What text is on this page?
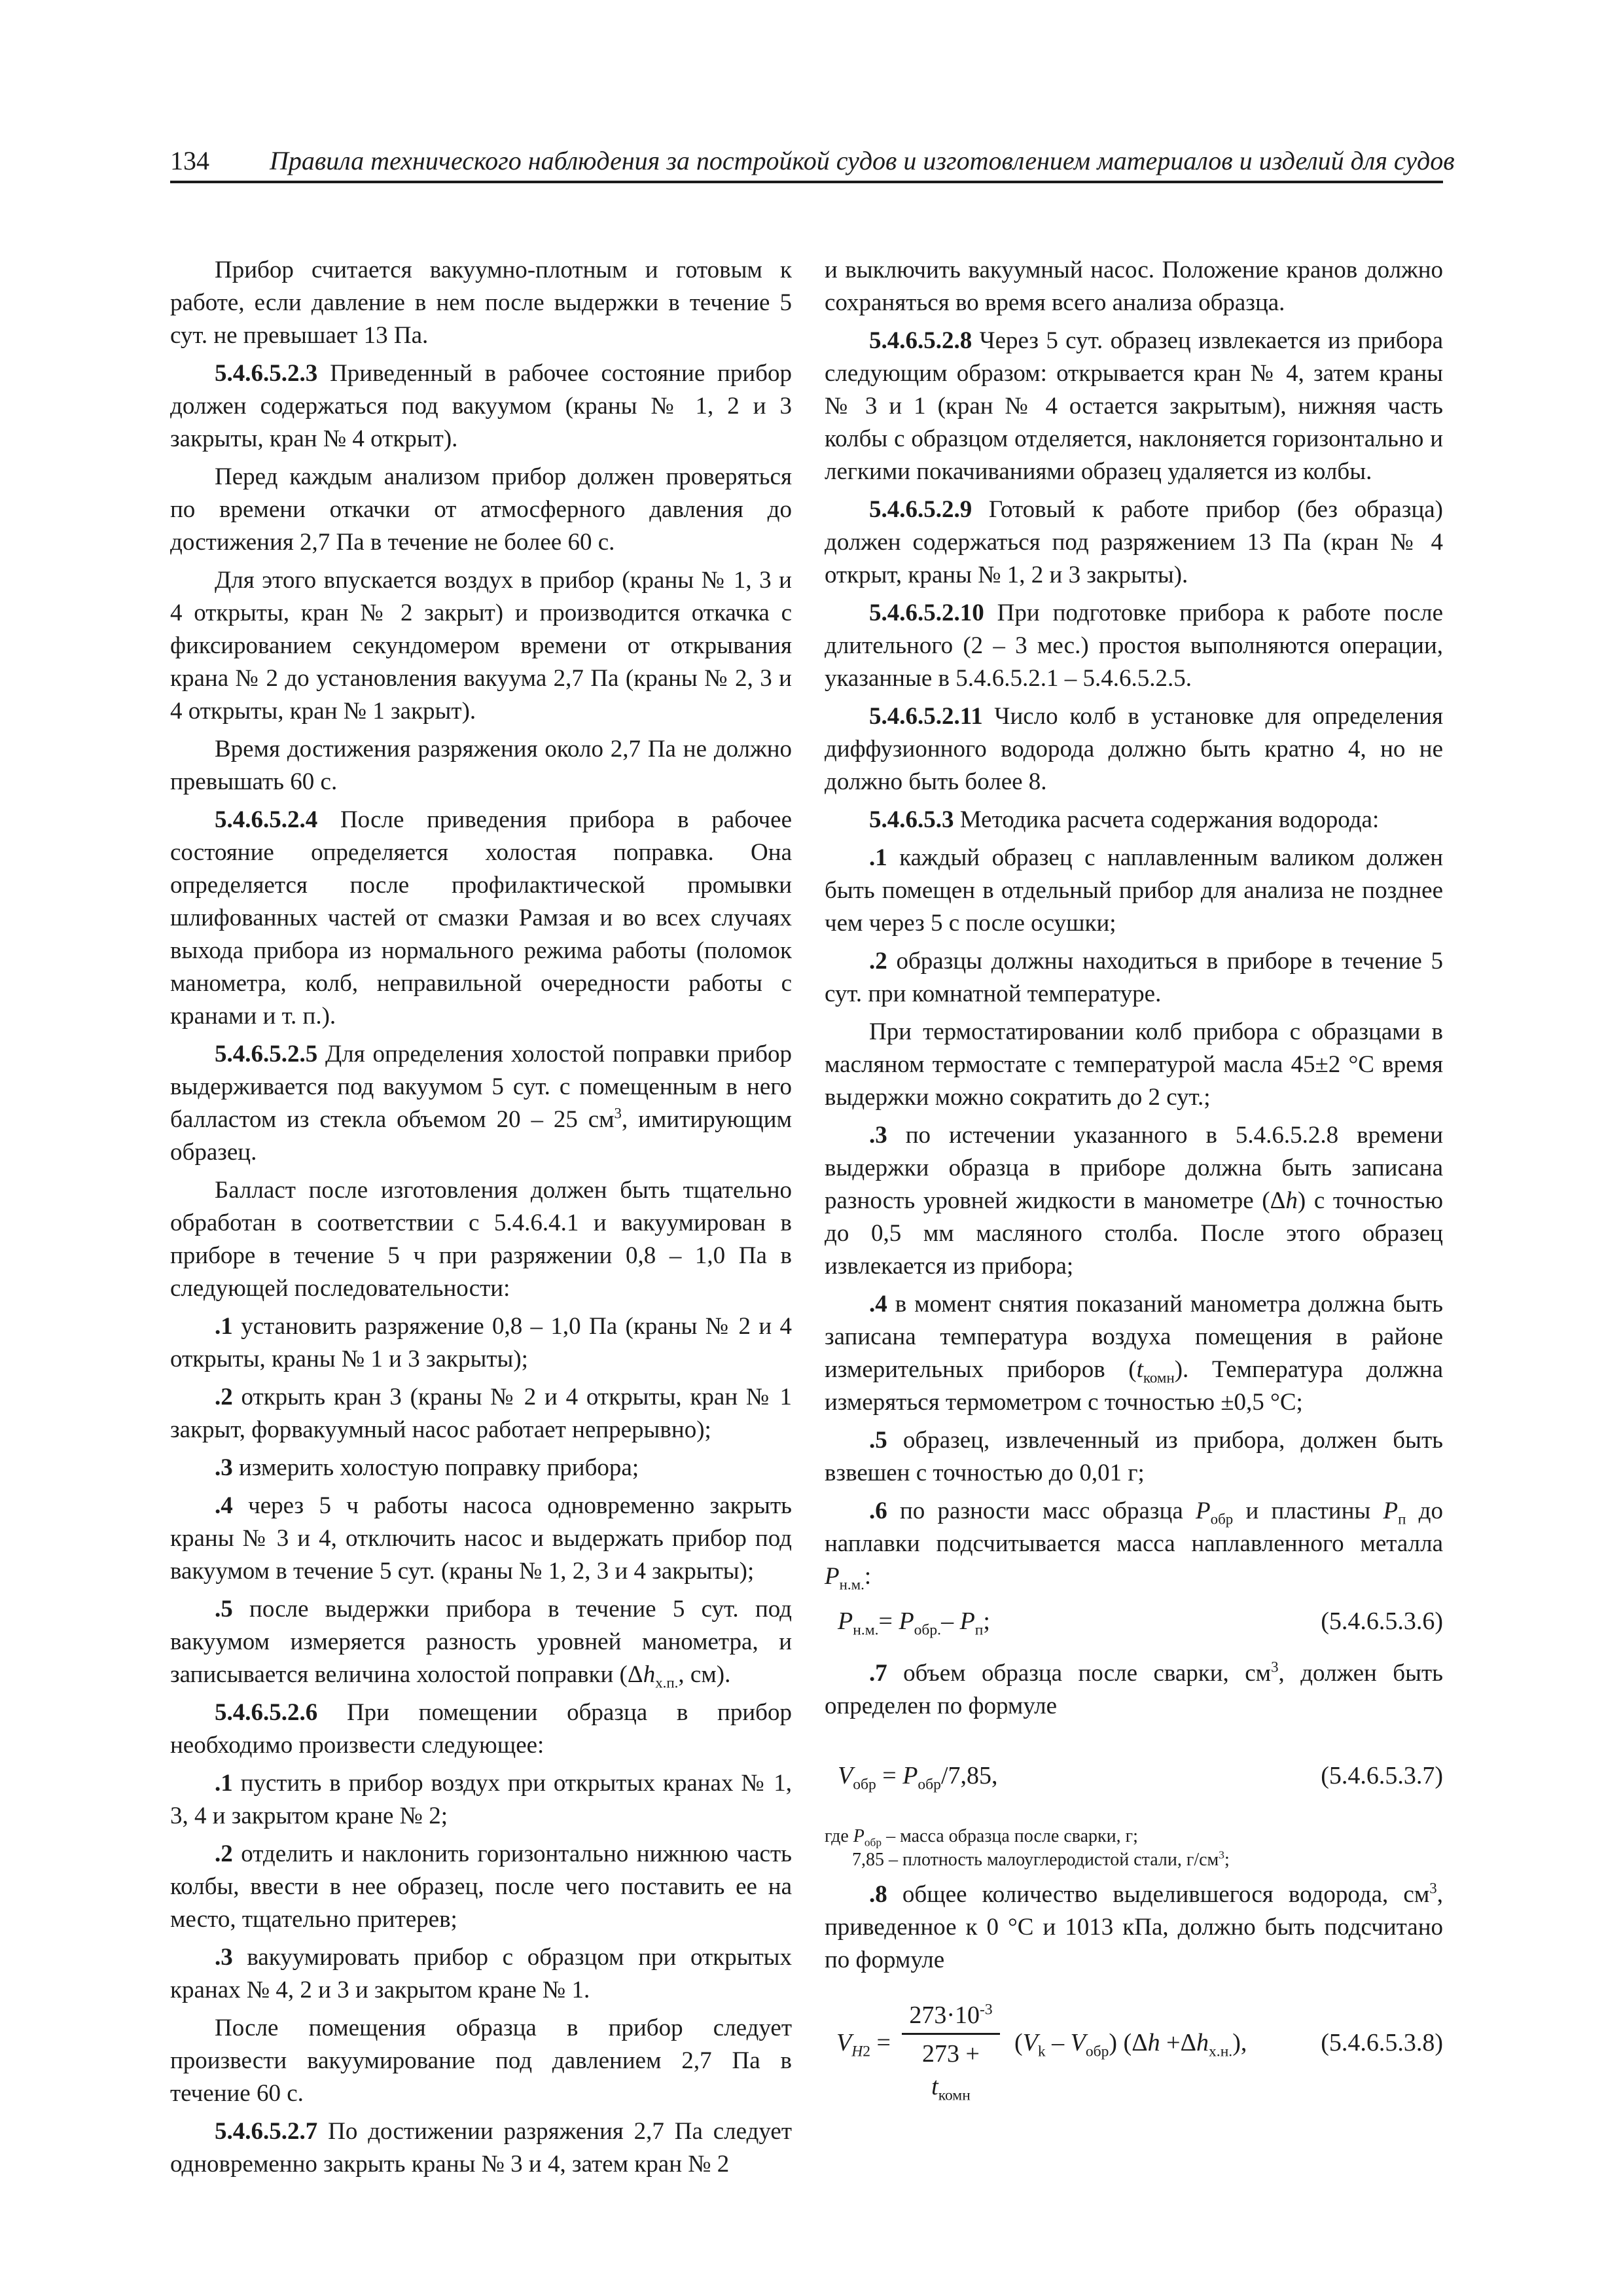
134 Правила технического наблюдения за постройкой судов и изготовлением материалов и изделий для судов

Прибор считается вакуумно-плотным и готовым к работе, если давление в нем после выдержки в течение 5 сут. не превышает 13 Па.

5.4.6.5.2.3 Приведенный в рабочее состояние прибор должен содержаться под вакуумом (краны № 1, 2 и 3 закрыты, кран № 4 открыт).

Перед каждым анализом прибор должен проверяться по времени откачки от атмосферного давления до достижения 2,7 Па в течение не более 60 с.

Для этого впускается воздух в прибор (краны № 1, 3 и 4 открыты, кран № 2 закрыт) и производится откачка с фиксированием секундомером времени от открывания крана № 2 до установления вакуума 2,7 Па (краны № 2, 3 и 4 открыты, кран № 1 закрыт).

Время достижения разряжения около 2,7 Па не должно превышать 60 с.

5.4.6.5.2.4 После приведения прибора в рабочее состояние определяется холостая поправка. Она определяется после профилактической промывки шлифованных частей от смазки Рамзая и во всех случаях выхода прибора из нормального режима работы (поломок манометра, колб, неправильной очередности работы с кранами и т. п.).

5.4.6.5.2.5 Для определения холостой поправки прибор выдерживается под вакуумом 5 сут. с помещенным в него балластом из стекла объемом 20 – 25 $см^3$, имитирующим образец.

Балласт после изготовления должен быть тщательно обработан в соответствии с 5.4.6.4.1 и вакуумирован в приборе в течение 5 ч при разряжении 0,8 – 1,0 Па в следующей последовательности:

.1 установить разряжение 0,8 – 1,0 Па (краны № 2 и 4 открыты, краны № 1 и 3 закрыты);

.2 открыть кран 3 (краны № 2 и 4 открыты, кран № 1 закрыт, форвакуумный насос работает непрерывно);

.3 измерить холостую поправку прибора;

.4 через 5 ч работы насоса одновременно закрыть краны № 3 и 4, отключить насос и выдержать прибор под вакуумом в течение 5 сут. (краны № 1, 2, 3 и 4 закрыты);

.5 после выдержки прибора в течение 5 сут. под вакуумом измеряется разность уровней манометра, и записывается величина холостой поправки ($\Delta h_{х.п.}$, см).

5.4.6.5.2.6 При помещении образца в прибор необходимо произвести следующее:

.1 пустить в прибор воздух при открытых кранах № 1, 3, 4 и закрытом кране № 2;

.2 отделить и наклонить горизонтально нижнюю часть колбы, ввести в нее образец, после чего поставить ее на место, тщательно притерев;

.3 вакуумировать прибор с образцом при открытых кранах № 4, 2 и 3 и закрытом кране № 1.

После помещения образца в прибор следует произвести вакуумирование под давлением 2,7 Па в течение 60 с.

5.4.6.5.2.7 По достижении разряжения 2,7 Па следует одновременно закрыть краны № 3 и 4, затем кран № 2

и выключить вакуумный насос. Положение кранов должно сохраняться во время всего анализа образца.

5.4.6.5.2.8 Через 5 сут. образец извлекается из прибора следующим образом: открывается кран № 4, затем краны № 3 и 1 (кран № 4 остается закрытым), нижняя часть колбы с образцом отделяется, наклоняется горизонтально и легкими покачиваниями образец удаляется из колбы.

5.4.6.5.2.9 Готовый к работе прибор (без образца) должен содержаться под разряжением 13 Па (кран № 4 открыт, краны № 1, 2 и 3 закрыты).

5.4.6.5.2.10 При подготовке прибора к работе после длительного (2 – 3 мес.) простоя выполняются операции, указанные в 5.4.6.5.2.1 – 5.4.6.5.2.5.

5.4.6.5.2.11 Число колб в установке для определения диффузионного водорода должно быть кратно 4, но не должно быть более 8.

5.4.6.5.3 Методика расчета содержания водорода:

.1 каждый образец с наплавленным валиком должен быть помещен в отдельный прибор для анализа не позднее чем через 5 с после осушки;

.2 образцы должны находиться в приборе в течение 5 сут. при комнатной температуре.

При термостатировании колб прибора с образцами в масляном термостате с температурой масла 45±2 °С время выдержки можно сократить до 2 сут.;

.3 по истечении указанного в 5.4.6.5.2.8 времени выдержки образца в приборе должна быть записана разность уровней жидкости в манометре (Δh) с точностью до 0,5 мм масляного столба. После этого образец извлекается из прибора;

.4 в момент снятия показаний манометра должна быть записана температура воздуха помещения в районе измерительных приборов $(t_{комн})$. Температура должна измеряться термометром с точностью ±0,5 °С;

.5 образец, извлеченный из прибора, должен быть взвешен с точностью до 0,01 г;

.6 по разности масс образца $P_{обр}$ и пластины $P_п$ до наплавки подсчитывается масса наплавленного металла $P_{н.м.}$:

$P_{н.м.}= P_{обр.}-$ $P_п$;	(5.4.6.5.3.6)

.7 объем образца после сварки, $см^3$, должен быть определен по формуле

$V_{обр} = P_{обр}/7,85$,	(5.4.6.5.3.7)

где $P_{обр}$ – масса образца после сварки, г;

7,85 – плотность малоуглеродистой стали, $г/см^3$;

.8 общее количество выделившегося водорода, $см^3$, приведенное к 0 °С и 1013 кПа, должно быть подсчитано по формуле

$V_{H2}$ =
$273\cdot 10^{-3}$
$273 + t_{комн}$
$(V_k - V_{обр})$ $(\Delta h +\Delta h_{х.н.})$,	(5.4.6.5.3.8)
